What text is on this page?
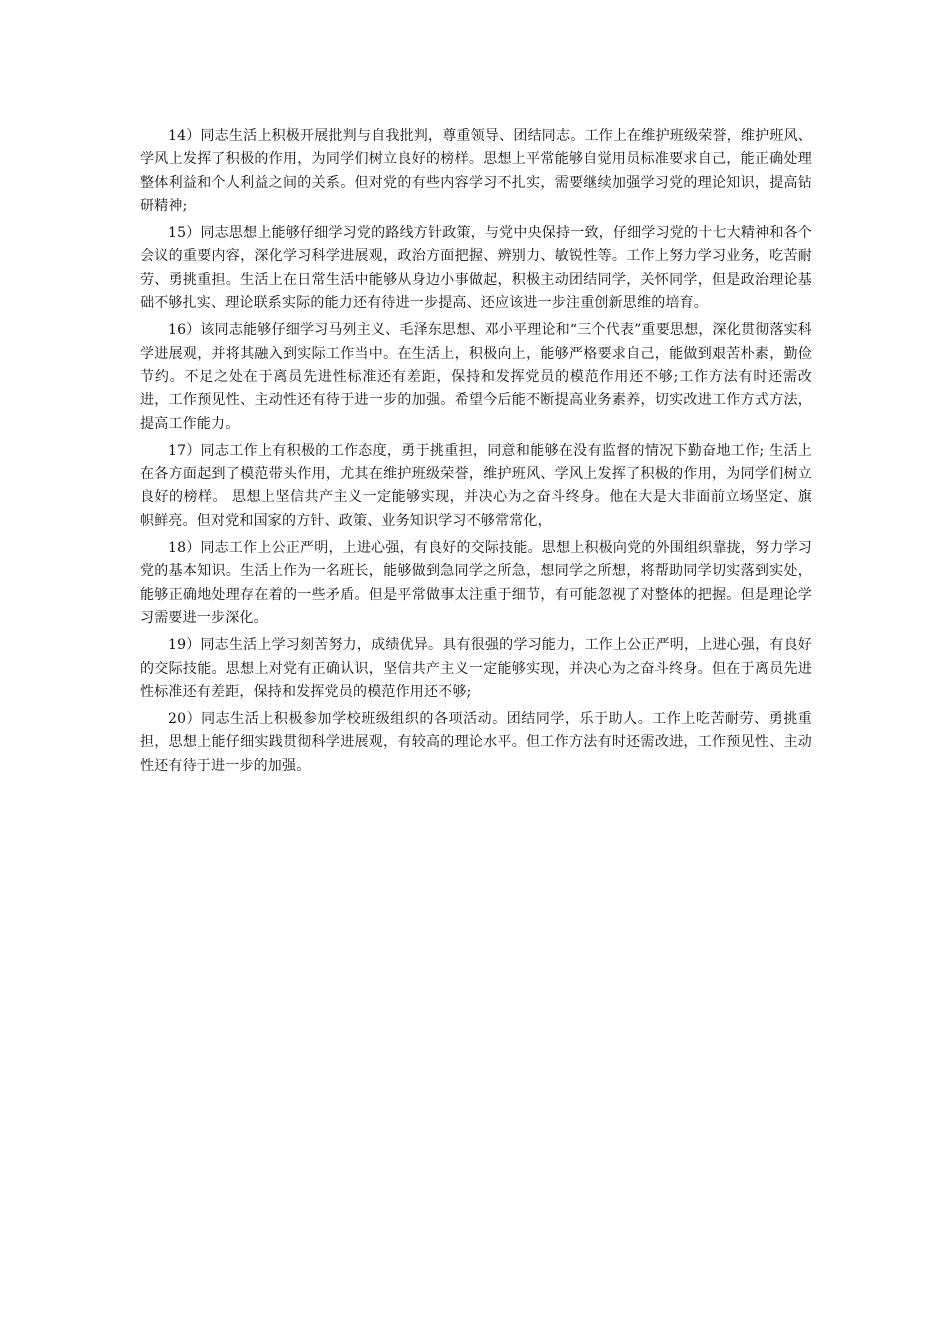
14）同志生活上积极开展批判与自我批判，尊重领导、团结同志。工作上在维护班级荣誉，维护班风、学风上发挥了积极的作用，为同学们树立良好的榜样。思想上平常能够自觉用员标准要求自己，能正确处理整体利益和个人利益之间的关系。但对党的有些内容学习不扎实，需要继续加强学习党的理论知识，提高钻研精神;

15）同志思想上能够仔细学习党的路线方针政策，与党中央保持一致，仔细学习党的十七大精神和各个会议的重要内容，深化学习科学进展观，政治方面把握、辨别力、敏锐性等。工作上努力学习业务，吃苦耐劳、勇挑重担。生活上在日常生活中能够从身边小事做起，积极主动团结同学，关怀同学，但是政治理论基础不够扎实、理论联系实际的能力还有待进一步提高、还应该进一步注重创新思维的培育。

16）该同志能够仔细学习马列主义、毛泽东思想、邓小平理论和“三个代表”重要思想，深化贯彻落实科学进展观，并将其融入到实际工作当中。在生活上，积极向上，能够严格要求自己，能做到艰苦朴素，勤俭节约。不足之处在于离员先进性标准还有差距，保持和发挥党员的模范作用还不够;工作方法有时还需改进，工作预见性、主动性还有待于进一步的加强。希望今后能不断提高业务素养，切实改进工作方式方法，提高工作能力。

17）同志工作上有积极的工作态度，勇于挑重担，同意和能够在没有监督的情况下勤奋地工作; 生活上在各方面起到了模范带头作用，尤其在维护班级荣誉，维护班风、学风上发挥了积极的作用，为同学们树立良好的榜样。 思想上坚信共产主义一定能够实现，并决心为之奋斗终身。他在大是大非面前立场坚定、旗帜鲜亮。但对党和国家的方针、政策、业务知识学习不够常常化，

18）同志工作上公正严明，上进心强，有良好的交际技能。思想上积极向党的外围组织靠拢，努力学习党的基本知识。生活上作为一名班长，能够做到急同学之所急，想同学之所想，将帮助同学切实落到实处，能够正确地处理存在着的一些矛盾。但是平常做事太注重于细节，有可能忽视了对整体的把握。但是理论学习需要进一步深化。

19）同志生活上学习刻苦努力，成绩优异。具有很强的学习能力，工作上公正严明，上进心强，有良好的交际技能。思想上对党有正确认识，坚信共产主义一定能够实现，并决心为之奋斗终身。但在于离员先进性标准还有差距，保持和发挥党员的模范作用还不够;

20）同志生活上积极参加学校班级组织的各项活动。团结同学，乐于助人。工作上吃苦耐劳、勇挑重担，思想上能仔细实践贯彻科学进展观，有较高的理论水平。但工作方法有时还需改进，工作预见性、主动性还有待于进一步的加强。
